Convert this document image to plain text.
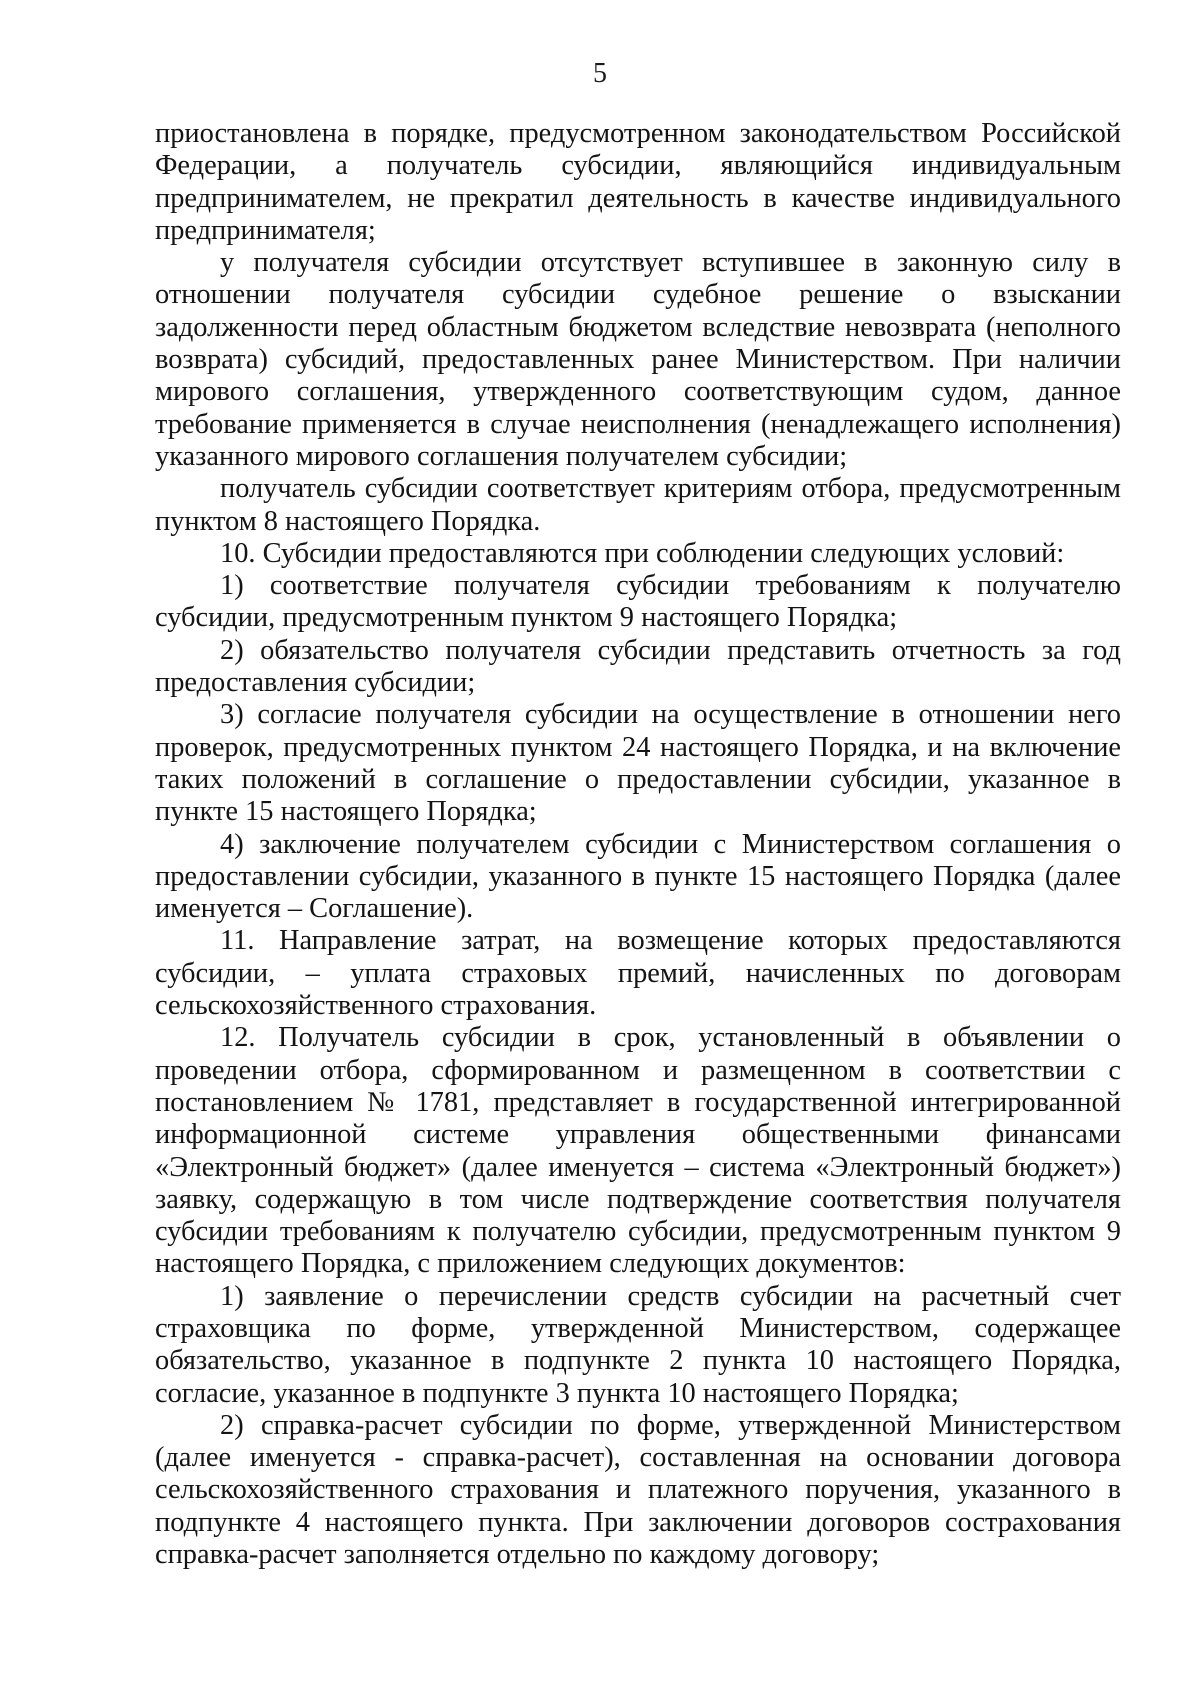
5

приостановлена в порядке, предусмотренном законодательством Российской Федерации, а получатель субсидии, являющийся индивидуальным предпринимателем, не прекратил деятельность в качестве индивидуального предпринимателя;

у получателя субсидии отсутствует вступившее в законную силу в отношении получателя субсидии судебное решение о взыскании задолженности перед областным бюджетом вследствие невозврата (неполного возврата) субсидий, предоставленных ранее Министерством. При наличии мирового соглашения, утвержденного соответствующим судом, данное требование применяется в случае неисполнения (ненадлежащего исполнения) указанного мирового соглашения получателем субсидии;

получатель субсидии соответствует критериям отбора, предусмотренным пунктом 8 настоящего Порядка.

10. Субсидии предоставляются при соблюдении следующих условий:

1) соответствие получателя субсидии требованиям к получателю субсидии, предусмотренным пунктом 9 настоящего Порядка;

2) обязательство получателя субсидии представить отчетность за год предоставления субсидии;

3) согласие получателя субсидии на осуществление в отношении него проверок, предусмотренных пунктом 24 настоящего Порядка, и на включение таких положений в соглашение о предоставлении субсидии, указанное в пункте 15 настоящего Порядка;

4) заключение получателем субсидии с Министерством соглашения о предоставлении субсидии, указанного в пункте 15 настоящего Порядка (далее именуется – Соглашение).

11. Направление затрат, на возмещение которых предоставляются субсидии, – уплата страховых премий, начисленных по договорам сельскохозяйственного страхования.

12. Получатель субсидии в срок, установленный в объявлении о проведении отбора, сформированном и размещенном в соответствии с постановлением № 1781, представляет в государственной интегрированной информационной системе управления общественными финансами «Электронный бюджет» (далее именуется – система «Электронный бюджет») заявку, содержащую в том числе подтверждение соответствия получателя субсидии требованиям к получателю субсидии, предусмотренным пунктом 9 настоящего Порядка, с приложением следующих документов:

1) заявление о перечислении средств субсидии на расчетный счет страховщика по форме, утвержденной Министерством, содержащее обязательство, указанное в подпункте 2 пункта 10 настоящего Порядка, согласие, указанное в подпункте 3 пункта 10 настоящего Порядка;

2) справка-расчет субсидии по форме, утвержденной Министерством (далее именуется - справка-расчет), составленная на основании договора сельскохозяйственного страхования и платежного поручения, указанного в подпункте 4 настоящего пункта. При заключении договоров сострахования справка-расчет заполняется отдельно по каждому договору;
